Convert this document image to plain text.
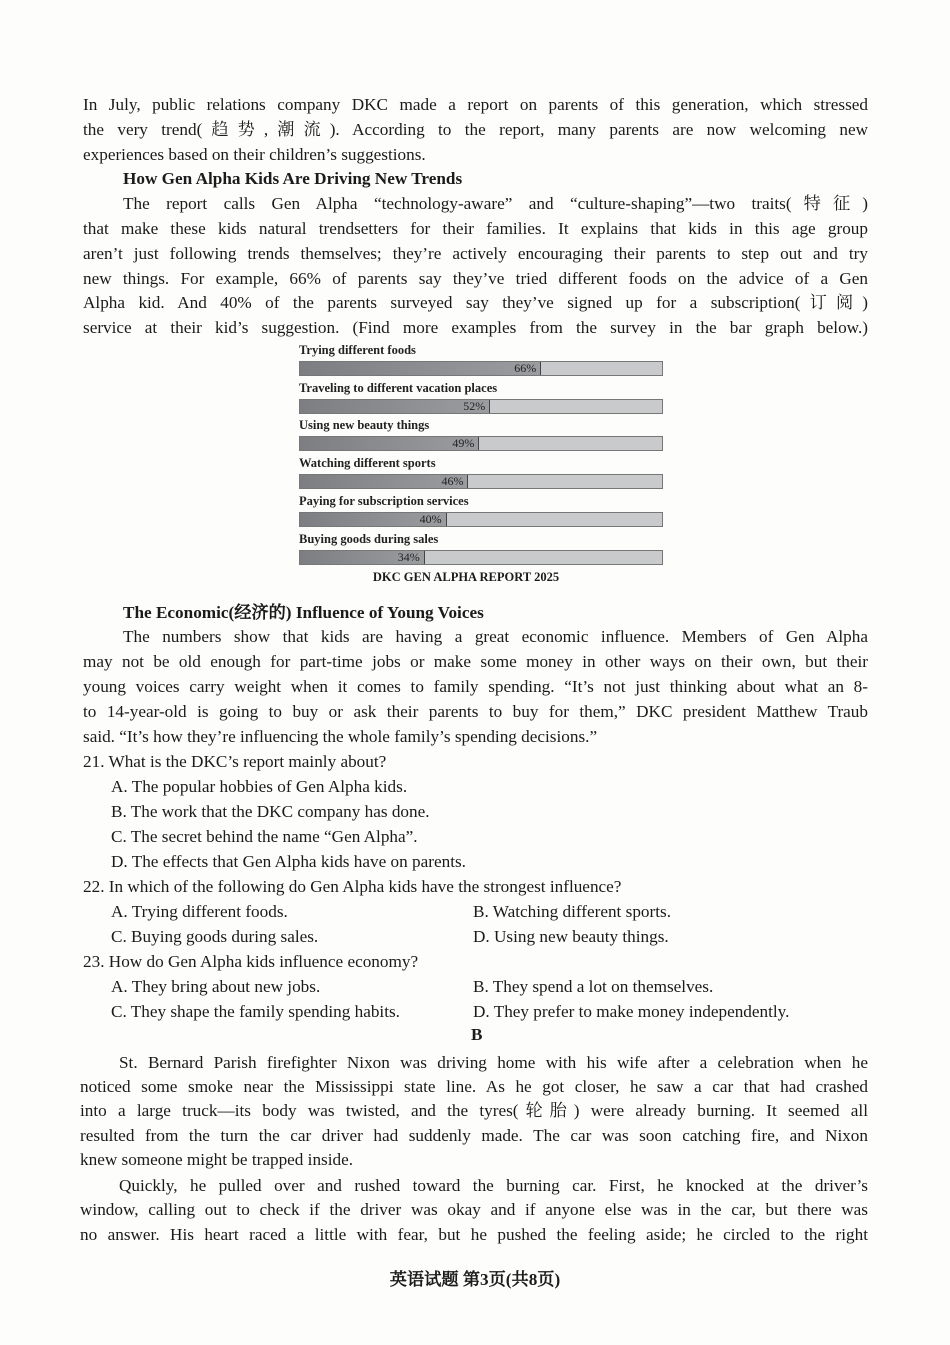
In July, public relations company DKC made a report on parents of this generation, which stressed
the very trend(趋势,潮流). According to the report, many parents are now welcoming new
experiences based on their children’s suggestions.
How Gen Alpha Kids Are Driving New Trends
The report calls Gen Alpha “technology-aware” and “culture-shaping”—two traits(特征)
that make these kids natural trendsetters for their families. It explains that kids in this age group
aren’t just following trends themselves; they’re actively encouraging their parents to step out and try
new things. For example, 66% of parents say they’ve tried different foods on the advice of a Gen
Alpha kid. And 40% of the parents surveyed say they’ve signed up for a subscription(订阅)
service at their kid’s suggestion. (Find more examples from the survey in the bar graph below.)
The Economic(经济的) Influence of Young Voices
The numbers show that kids are having a great economic influence. Members of Gen Alpha
may not be old enough for part-time jobs or make some money in other ways on their own, but their
young voices carry weight when it comes to family spending. “It’s not just thinking about what an 8-
to 14-year-old is going to buy or ask their parents to buy for them,” DKC president Matthew Traub
said. “It’s how they’re influencing the whole family’s spending decisions.”
21. What is the DKC’s report mainly about?
A. The popular hobbies of Gen Alpha kids.
B. The work that the DKC company has done.
C. The secret behind the name “Gen Alpha”.
D. The effects that Gen Alpha kids have on parents.
22. In which of the following do Gen Alpha kids have the strongest influence?
A. Trying different foods.	B. Watching different sports.
C. Buying goods during sales.	D. Using new beauty things.
23. How do Gen Alpha kids influence economy?
A. They bring about new jobs.	B. They spend a lot on themselves.
C. They shape the family spending habits.	D. They prefer to make money independently.
B
St. Bernard Parish firefighter Nixon was driving home with his wife after a celebration when he
noticed some smoke near the Mississippi state line. As he got closer, he saw a car that had crashed
into a large truck—its body was twisted, and the tyres(轮胎) were already burning. It seemed all
resulted from the turn the car driver had suddenly made. The car was soon catching fire, and Nixon
knew someone might be trapped inside.
Quickly, he pulled over and rushed toward the burning car. First, he knocked at the driver’s
window, calling out to check if the driver was okay and if anyone else was in the car, but there was
no answer. His heart raced a little with fear, but he pushed the feeling aside; he circled to the right
英语试题 第3页(共8页)
DKC GEN ALPHA REPORT 2025
Trying different foods
66%
Traveling to different vacation places
52%
Using new beauty things
49%
Watching different sports
46%
Paying for subscription services
40%
Buying goods during sales
34%
